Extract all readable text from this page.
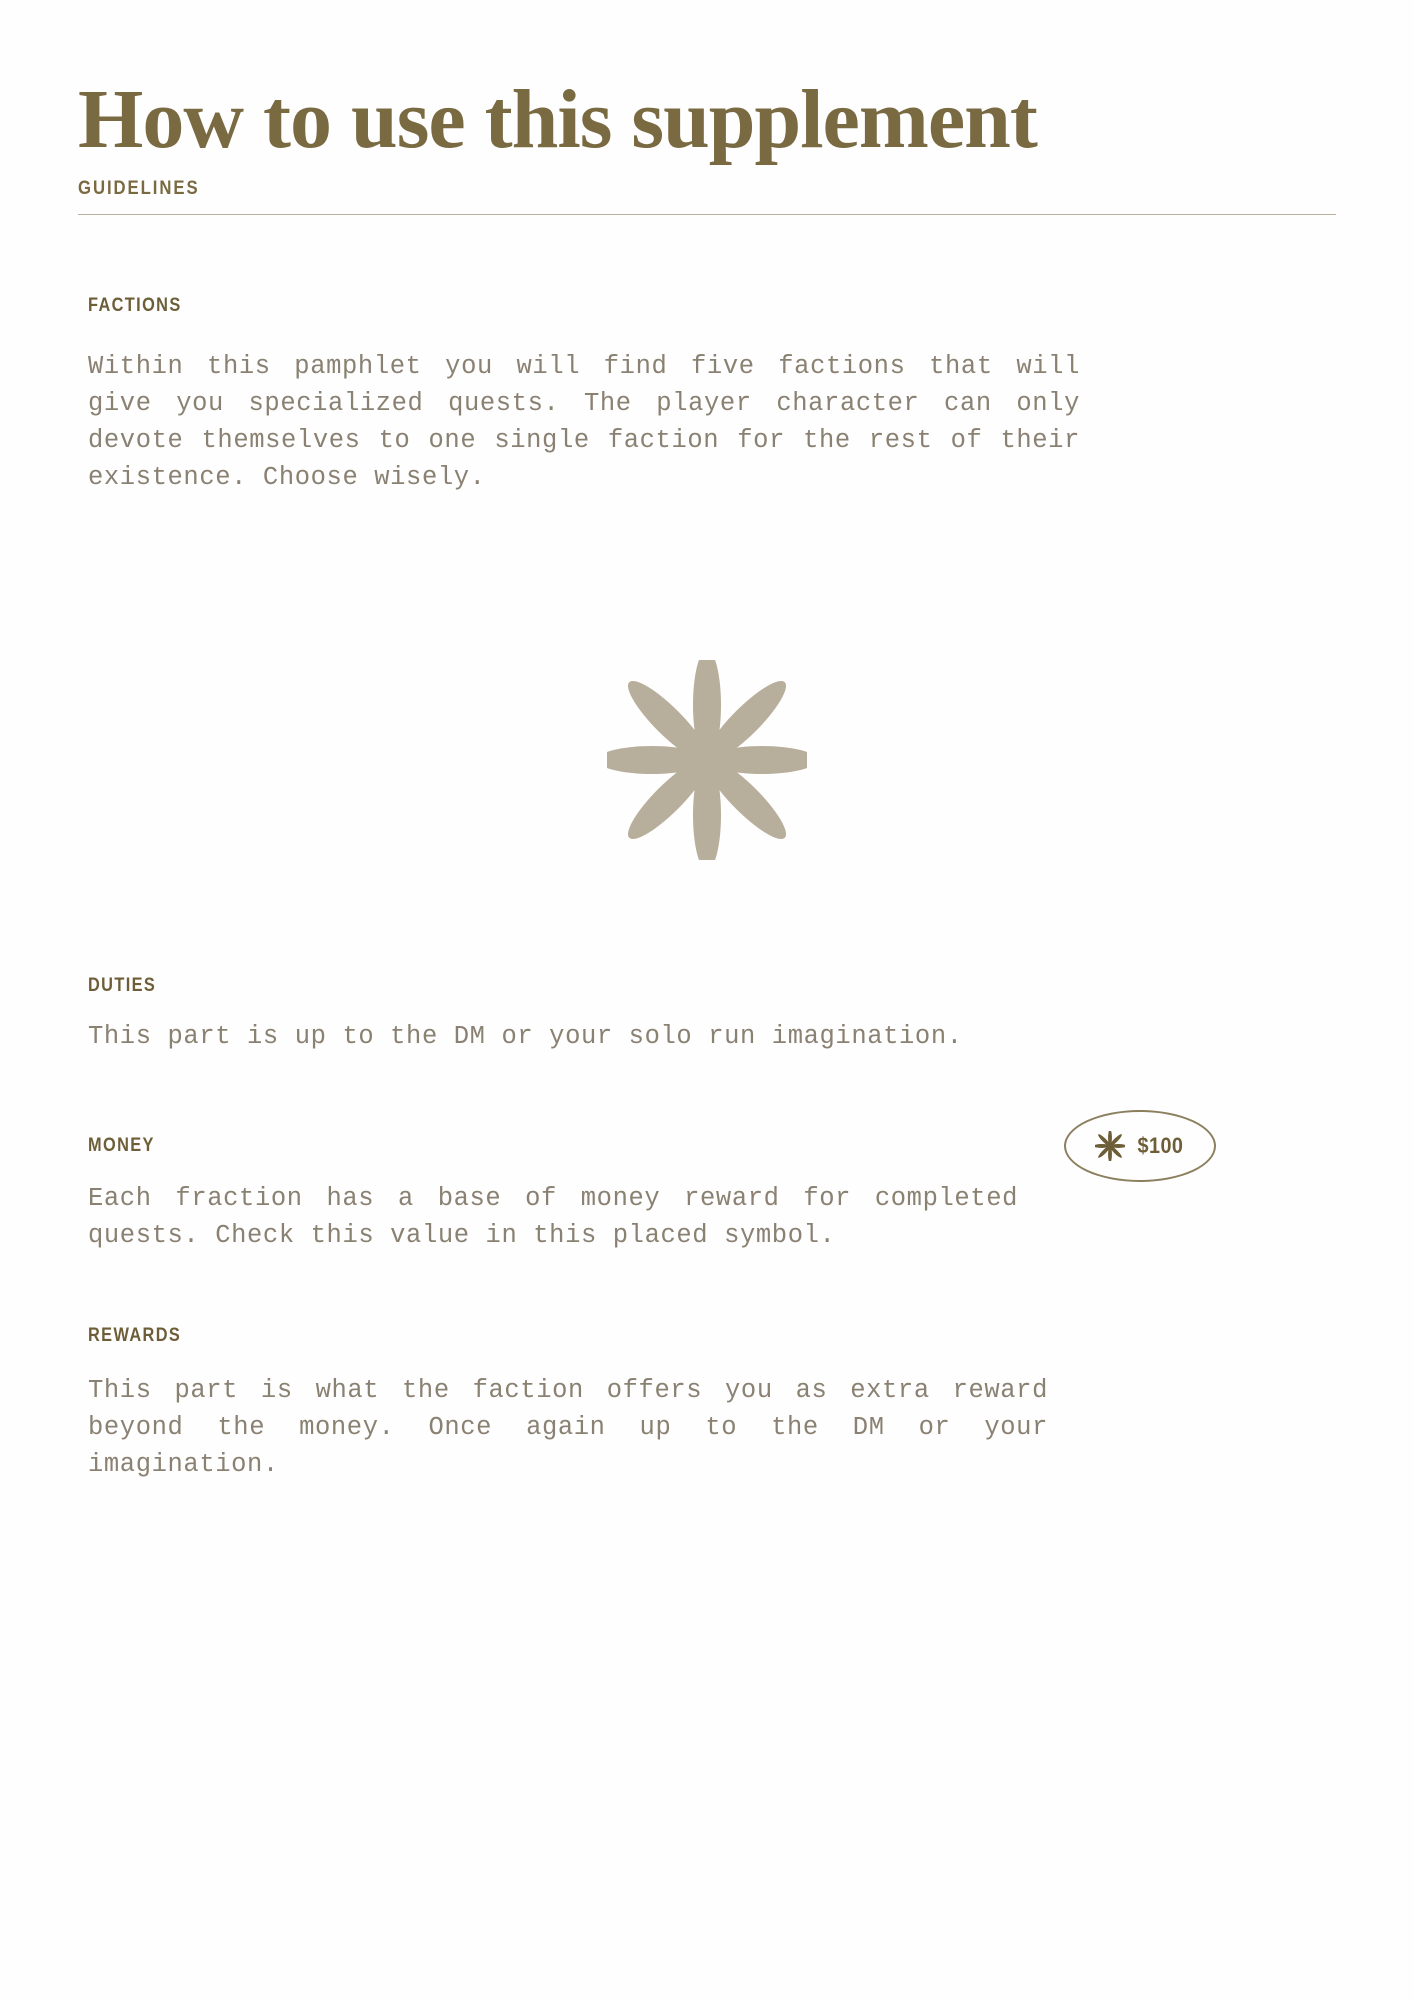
How to use this supplement
GUIDELINES
FACTIONS
Within this pamphlet you will find five factions that will give you specialized quests. The player character can only devote themselves to one single faction for the rest of their existence. Choose wisely.
DUTIES
This part is up to the DM or your solo run imagination.
MONEY
Each fraction has a base of money reward for completed quests. Check this value in this placed symbol.
$100
REWARDS
This part is what the faction offers you as extra reward beyond the money. Once again up to the DM or your imagination.
